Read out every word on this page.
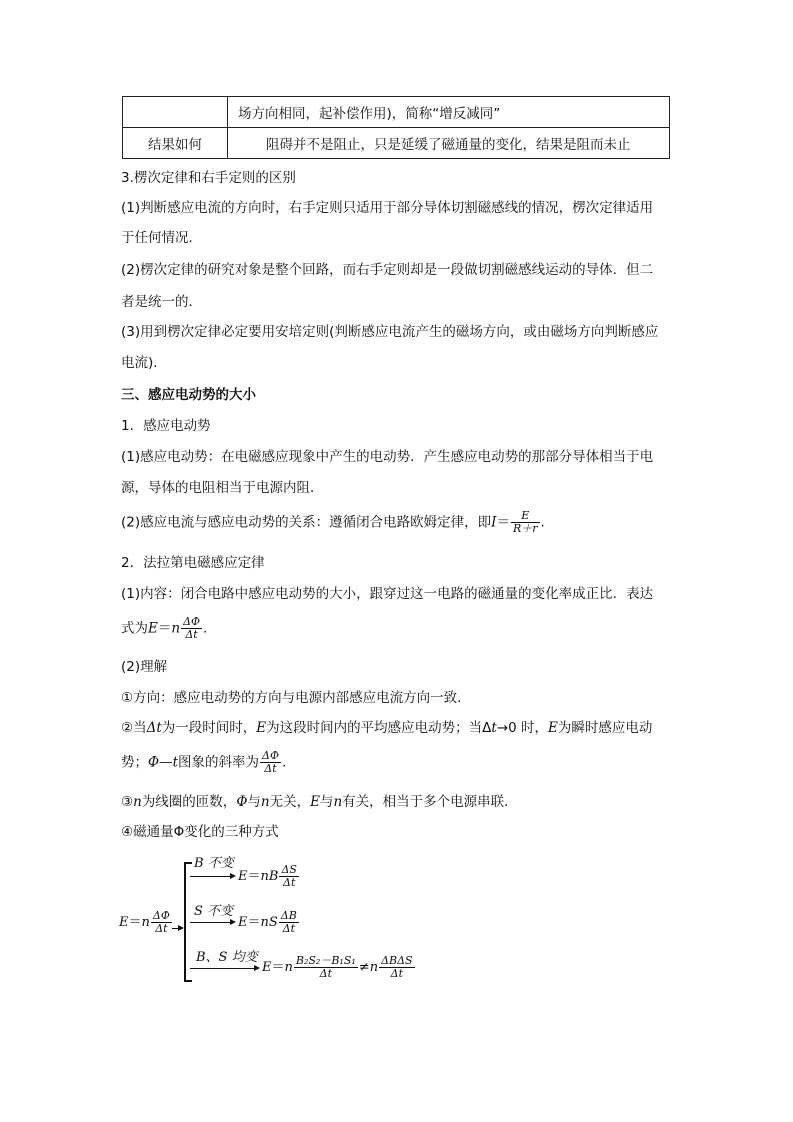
	场方向相同，起补偿作用)，简称“增反减同”
结果如何	阻碍并不是阻止，只是延缓了磁通量的变化，结果是阻而未止
3.楞次定律和右手定则的区别
(1)判断感应电流的方向时，右手定则只适用于部分导体切割磁感线的情况，楞次定律适用
于任何情况．
(2)楞次定律的研究对象是整个回路，而右手定则却是一段做切割磁感线运动的导体．但二
者是统一的．
(3)用到楞次定律必定要用安培定则(判断感应电流产生的磁场方向，或由磁场方向判断感应
电流)．
三、感应电动势的大小
1．感应电动势
(1)感应电动势：在电磁感应现象中产生的电动势．产生感应电动势的那部分导体相当于电
源，导体的电阻相当于电源内阻．
(2)感应电流与感应电动势的关系：遵循闭合电路欧姆定律，即$I= \frac{E}{R+r}$ .
2．法拉第电磁感应定律
(1)内容：闭合电路中感应电动势的大小，跟穿过这一电路的磁通量的变化率成正比．表达
式为$E=n \frac{\Delta\Phi}{\Delta t}$ .
(2)理解
①方向：感应电动势的方向与电源内部感应电流方向一致．
②当Δt为一段时间时，E为这段时间内的平均感应电动势；当Δt→0 时，E为瞬时感应电动
势；Φ—t图象的斜率为 $\frac{\Delta\Phi}{\Delta t}$ .
③n为线圈的匝数，Φ与n无关，E与n有关，相当于多个电源串联．
④磁通量Φ变化的三种方式
$E=n \frac{\Delta\Phi}{\Delta t}$
B 不变
$E=nB \frac{\Delta S}{\Delta t}$
S 不变
$E=nS \frac{\Delta B}{\Delta t}$
B、S 均变
$E=n \frac{\text{B₂S₂－B₁S₁}}{\Delta t} \ne n \frac{\text{ΔBΔS}}{\Delta t}$
